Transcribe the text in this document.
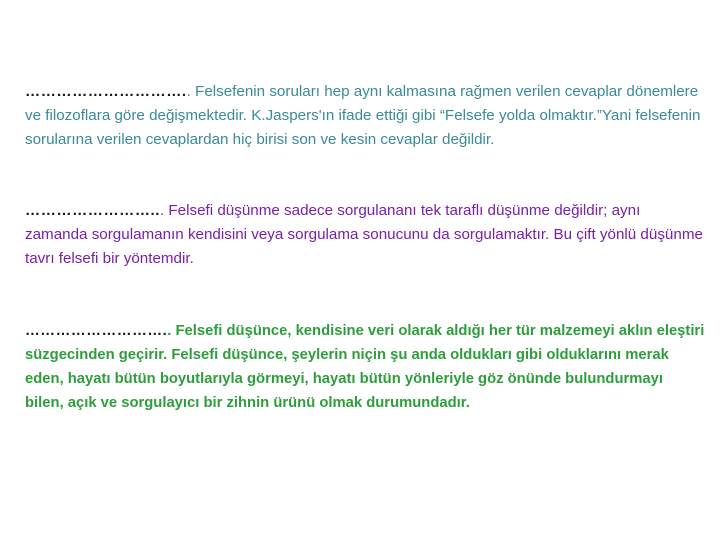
………………………….. Felsefenin soruları hep aynı kalmasına rağmen verilen cevaplar dönemlere ve filozoflara göre değişmektedir. K.Jaspers'ın ifade ettiği gibi “Felsefe yolda olmaktır.”Yani felsefenin sorularına verilen cevaplardan hiç birisi son ve kesin cevaplar değildir.

……………………... Felsefi düşünme sadece sorgulananı tek taraflı düşünme değildir; aynı zamanda sorgulamanın kendisini veya sorgulama sonucunu da sorgulamaktır. Bu çift yönlü düşünme tavrı felsefi bir yöntemdir.

……………………….. Felsefi düşünce, kendisine veri olarak aldığı her tür malzemeyi aklın eleştiri süzgecinden geçirir. Felsefi düşünce, şeylerin niçin şu anda oldukları gibi olduklarını merak eden, hayatı bütün boyutlarıyla görmeyi, hayatı bütün yönleriyle göz önünde bulundurmayı bilen, açık ve sorgulayıcı bir zihnin ürünü olmak durumundadır.
